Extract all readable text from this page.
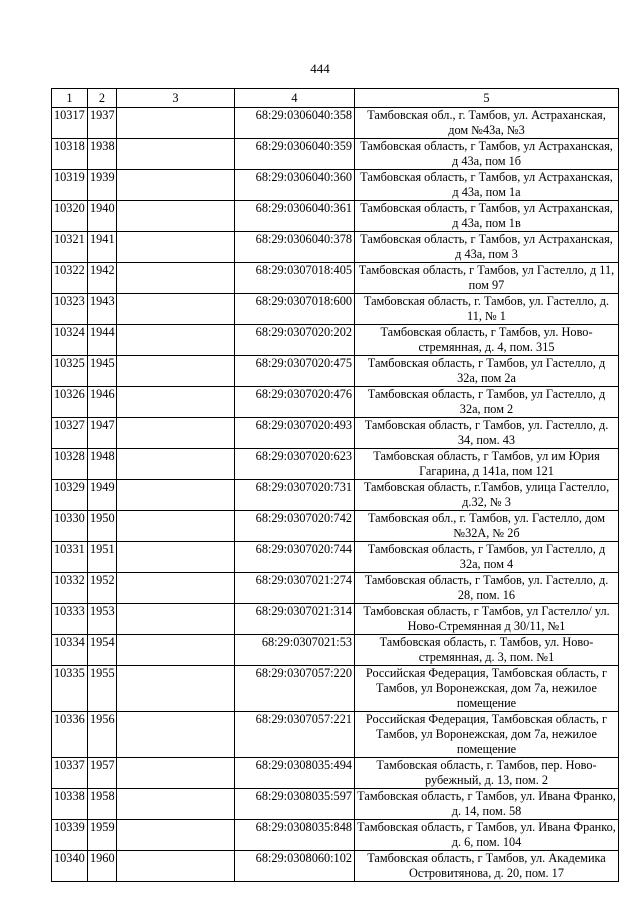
444
1	2	3	4	5
10317	1937		68:29:0306040:358	Тамбовская обл., г. Тамбов, ул. Астраханская, дом №43а, №3
10318	1938		68:29:0306040:359	Тамбовская область, г Тамбов, ул Астраханская, д 43а, пом 1б
10319	1939		68:29:0306040:360	Тамбовская область, г Тамбов, ул Астраханская, д 43а, пом 1а
10320	1940		68:29:0306040:361	Тамбовская область, г Тамбов, ул Астраханская, д 43а, пом 1в
10321	1941		68:29:0306040:378	Тамбовская область, г Тамбов, ул Астраханская, д 43а, пом 3
10322	1942		68:29:0307018:405	Тамбовская область, г Тамбов, ул Гастелло, д 11, пом 97
10323	1943		68:29:0307018:600	Тамбовская область, г. Тамбов, ул. Гастелло, д. 11, № 1
10324	1944		68:29:0307020:202	Тамбовская область, г Тамбов, ул. Ново-стремянная, д. 4, пом. 315
10325	1945		68:29:0307020:475	Тамбовская область, г Тамбов, ул Гастелло, д 32а, пом 2а
10326	1946		68:29:0307020:476	Тамбовская область, г Тамбов, ул Гастелло, д 32а, пом 2
10327	1947		68:29:0307020:493	Тамбовская область, г Тамбов, ул. Гастелло, д. 34, пом. 43
10328	1948		68:29:0307020:623	Тамбовская область, г Тамбов, ул им Юрия Гагарина, д 141а, пом 121
10329	1949		68:29:0307020:731	Тамбовская область, г.Тамбов, улица Гастелло, д.32, № 3
10330	1950		68:29:0307020:742	Тамбовская обл., г. Тамбов, ул. Гастелло, дом №32А, № 2б
10331	1951		68:29:0307020:744	Тамбовская область, г Тамбов, ул Гастелло, д 32а, пом 4
10332	1952		68:29:0307021:274	Тамбовская область, г Тамбов, ул. Гастелло, д. 28, пом. 16
10333	1953		68:29:0307021:314	Тамбовская область, г Тамбов, ул Гастелло/ ул. Ново-Стремянная д 30/11, №1
10334	1954		68:29:0307021:53	Тамбовская область, г. Тамбов, ул. Ново-стремянная, д. 3, пом. №1
10335	1955		68:29:0307057:220	Российская Федерация, Тамбовская область, г Тамбов, ул Воронежская, дом 7а, нежилое помещение
10336	1956		68:29:0307057:221	Российская Федерация, Тамбовская область, г Тамбов, ул Воронежская, дом 7а, нежилое помещение
10337	1957		68:29:0308035:494	Тамбовская область, г. Тамбов, пер. Ново-рубежный, д. 13, пом. 2
10338	1958		68:29:0308035:597	Тамбовская область, г Тамбов, ул. Ивана Франко, д. 14, пом. 58
10339	1959		68:29:0308035:848	Тамбовская область, г Тамбов, ул. Ивана Франко, д. 6, пом. 104
10340	1960		68:29:0308060:102	Тамбовская область, г Тамбов, ул. Академика Островитянова, д. 20, пом. 17
